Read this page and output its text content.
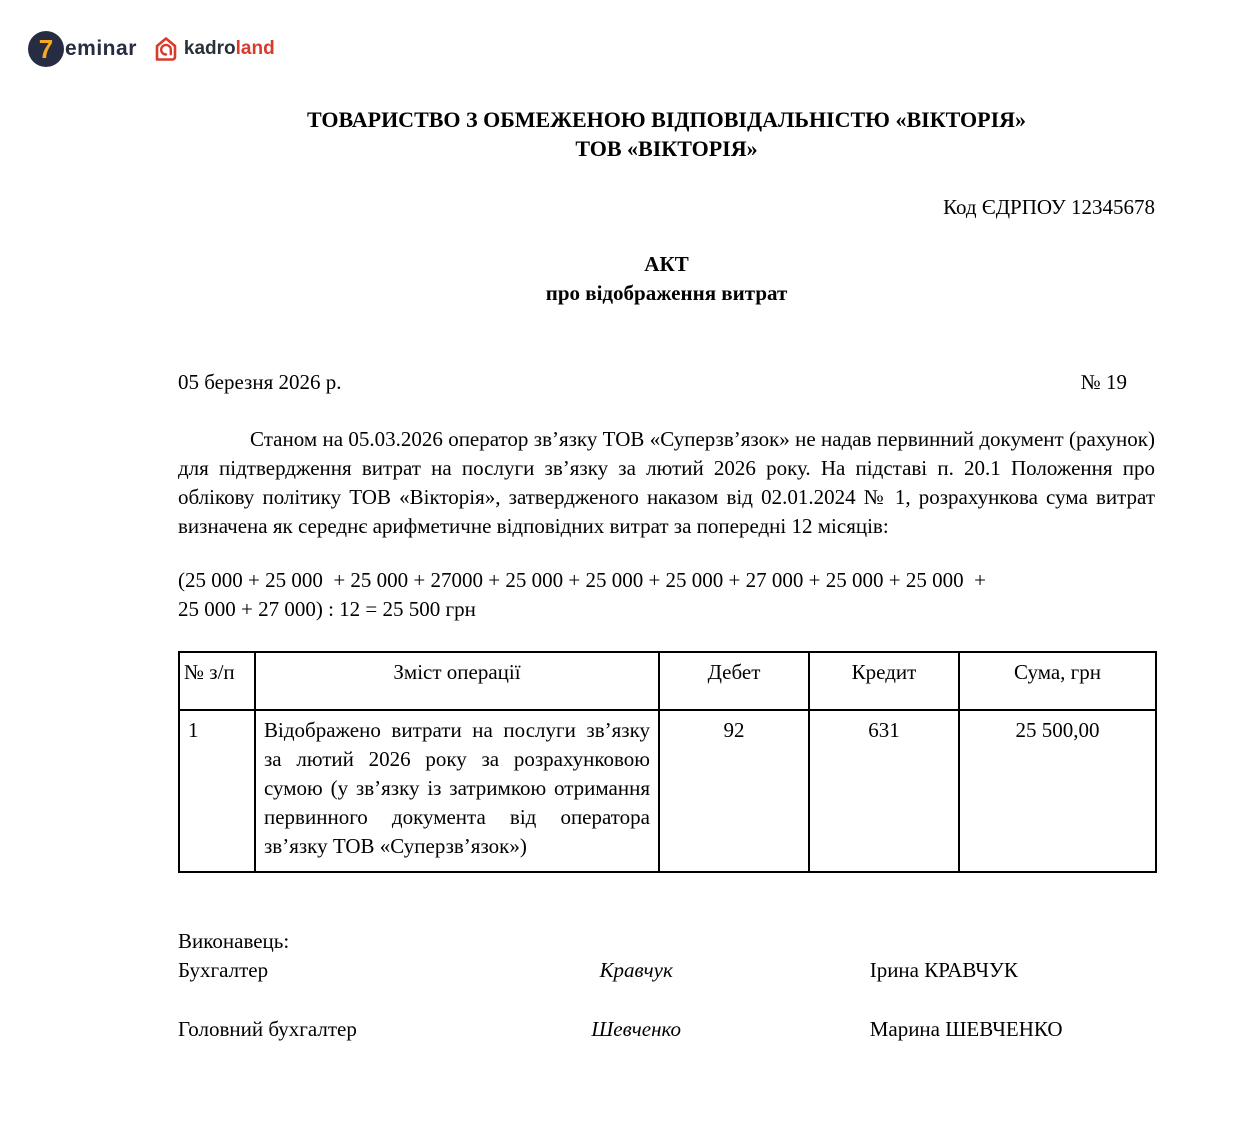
7 eminar kadroland
ТОВАРИСТВО З ОБМЕЖЕНОЮ ВІДПОВІДАЛЬНІСТЮ «ВІКТОРІЯ»
ТОВ «ВІКТОРІЯ»
Код ЄДРПОУ 12345678
АКТ
про відображення витрат
05 березня 2026 р.	№ 19
Станом на 05.03.2026 оператор зв’язку ТОВ «Суперзв’язок» не надав первинний документ (рахунок) для підтвердження витрат на послуги зв’язку за лютий 2026 року. На підставі п. 20.1 Положення про облікову політику ТОВ «Вікторія», затвердженого наказом від 02.01.2024 № 1, розрахункова сума витрат визначена як середнє арифметичне відповідних витрат за попередні 12 місяців:
(25 000 + 25 000  + 25 000 + 27000 + 25 000 + 25 000 + 25 000 + 27 000 + 25 000 + 25 000  +
25 000 + 27 000) : 12 = 25 500 грн
№ з/п	Зміст операції	Дебет	Кредит	Сума, грн
1	Відображено витрати на послуги зв’язку за лютий 2026 року за розрахунковою сумою (у зв’язку із затримкою отримання первинного документа від оператора зв’язку ТОВ «Суперзв’язок»)	92	631	25 500,00
Виконавець:
Бухгалтер	Кравчук	Ірина КРАВЧУК
Головний бухгалтер	Шевченко	Марина ШЕВЧЕНКО
